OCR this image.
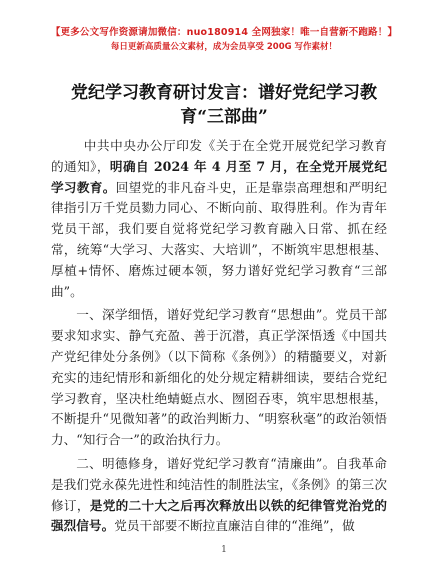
【更多公文写作资源请加微信：nuo180914 全网独家！唯一自营新不跑路！】
每日更新高质量公文素材，成为会员享受 200G 写作素材！
党纪学习教育研讨发言：谱好党纪学习教育“三部曲”

中共中央办公厅印发《关于在全党开展党纪学习教育的通知》，明确自 2024 年 4 月至 7 月，在全党开展党纪学习教育。回望党的非凡奋斗史，正是靠崇高理想和严明纪律指引万千党员勠力同心、不断向前、取得胜利。作为青年党员干部，我们要自觉将党纪学习教育融入日常、抓在经常，统筹“大学习、大落实、大培训”，不断筑牢思想根基、厚植+情怀、磨炼过硬本领，努力谱好党纪学习教育“三部曲”。

一、深学细悟，谱好党纪学习教育“思想曲”。党员干部要求知求实、静气充盈、善于沉潜，真正学深悟透《中国共产党纪律处分条例》（以下简称《条例》）的精髓要义，对新充实的违纪情形和新细化的处分规定精耕细读，要结合党纪学习教育，坚决杜绝蜻蜓点水、囫囵吞枣，筑牢思想根基，不断提升“见微知著”的政治判断力、“明察秋毫”的政治领悟力、“知行合一”的政治执行力。

二、明德修身，谱好党纪学习教育“清廉曲”。自我革命是我们党永葆先进性和纯洁性的制胜法宝，《条例》的第三次修订，是党的二十大之后再次释放出以铁的纪律管党治党的强烈信号。党员干部要不断拉直廉洁自律的“准绳”，做

1
